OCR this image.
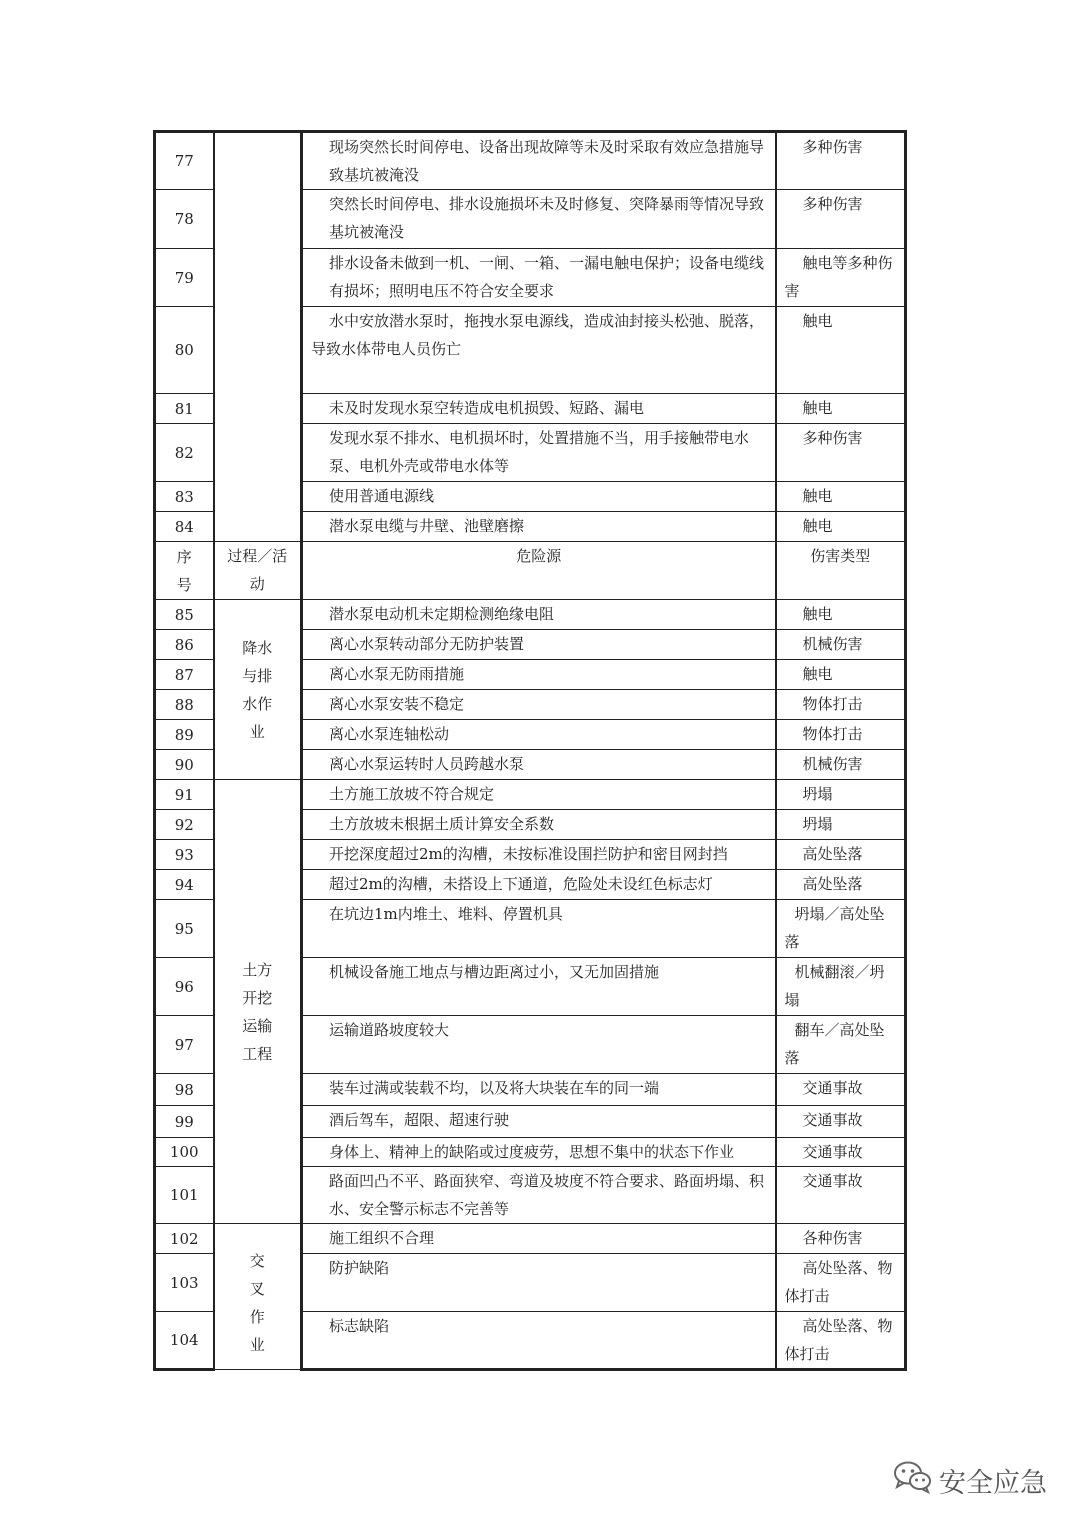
77		现场突然长时间停电、设备出现故障等未及时采取有效应急措施导致基坑被淹没	多种伤害
78		突然长时间停电、排水设施损坏未及时修复、突降暴雨等情况导致基坑被淹没	多种伤害
79		排水设备未做到一机、一闸、一箱、一漏电触电保护；设备电缆线有损坏；照明电压不符合安全要求	触电等多种伤害
80		水中安放潜水泵时，拖拽水泵电源线，造成油封接头松弛、脱落，
导致水体带电人员伤亡	触电
81		未及时发现水泵空转造成电机损毁、短路、漏电	触电
82		发现水泵不排水、电机损坏时，处置措施不当，用手接触带电水泵、电机外壳或带电水体等	多种伤害
83		使用普通电源线	触电
84		潜水泵电缆与井壁、池壁磨擦	触电
序号	过程／活动	危险源	伤害类型
85	降水
与排
水作
业	潜水泵电动机未定期检测绝缘电阻	触电
86		离心水泵转动部分无防护装置	机械伤害
87		离心水泵无防雨措施	触电
88		离心水泵安装不稳定	物体打击
89		离心水泵连轴松动	物体打击
90		离心水泵运转时人员跨越水泵	机械伤害
91	土方
开挖
运输
工程	土方施工放坡不符合规定	坍塌
92		土方放坡未根据土质计算安全系数	坍塌
93		开挖深度超过2m的沟槽，未按标准设围拦防护和密目网封挡	高处坠落
94		超过2m的沟槽，未搭设上下通道，危险处未设红色标志灯	高处坠落
95		在坑边1m内堆土、堆料、停置机具	坍塌／高处坠落
96		机械设备施工地点与槽边距离过小，又无加固措施	机械翻滚／坍塌
97		运输道路坡度较大	翻车／高处坠落
98		装车过满或装载不均，以及将大块装在车的同一端	交通事故
99		酒后驾车，超限、超速行驶	交通事故
100		身体上、精神上的缺陷或过度疲劳，思想不集中的状态下作业	交通事故
101		路面凹凸不平、路面狭窄、弯道及坡度不符合要求、路面坍塌、积水、安全警示标志不完善等	交通事故
102	交
叉
作
业	施工组织不合理	各种伤害
103		防护缺陷	高处坠落、物体打击
104		标志缺陷	高处坠落、物体打击
安全应急
